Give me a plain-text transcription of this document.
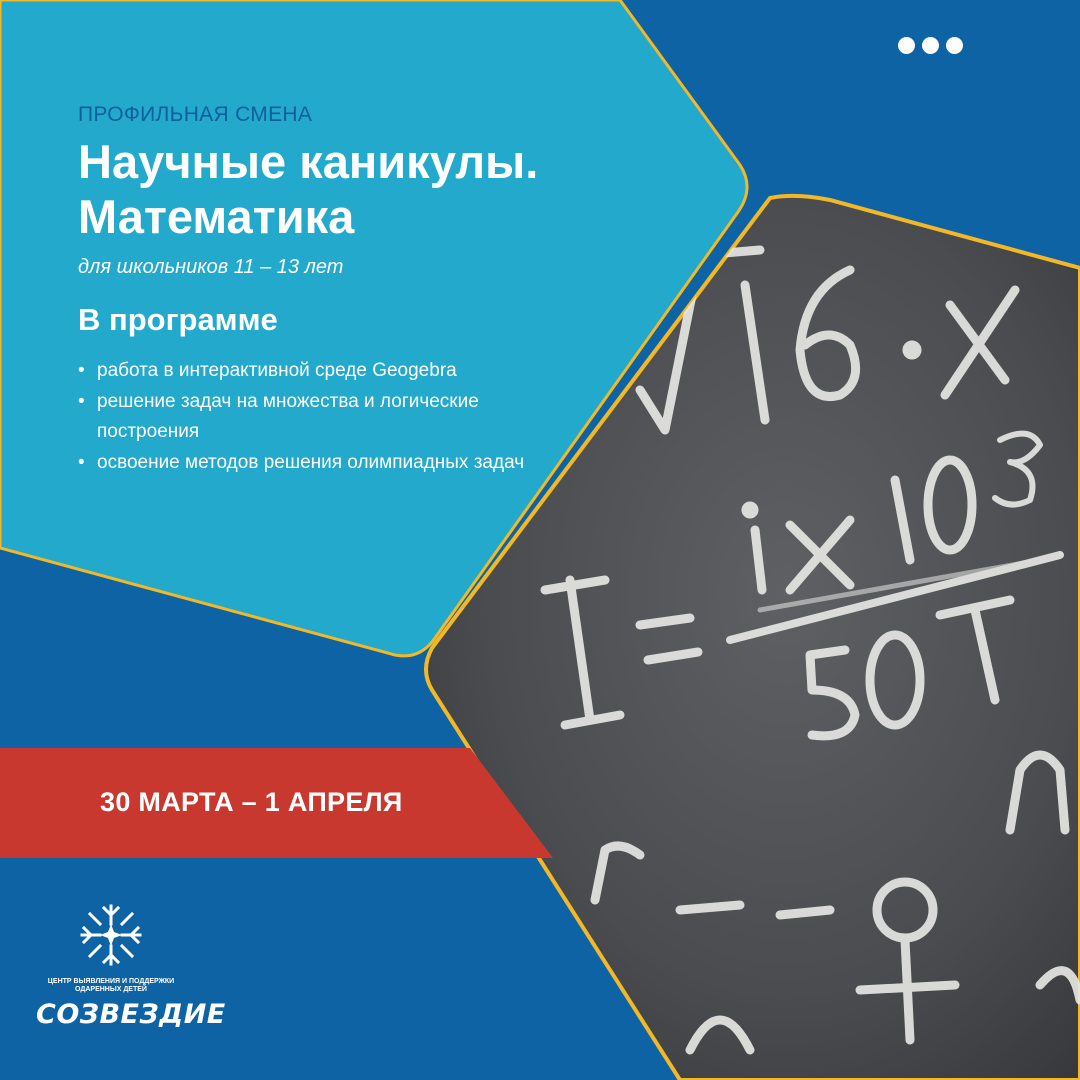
ПРОФИЛЬНАЯ СМЕНА
Научные каникулы.
Математика
для школьников 11 – 13 лет
В программе
• работа в интерактивной среде Geogebra
• решение задач на множества и логические построения
• освоение методов решения олимпиадных задач
30 МАРТА – 1 АПРЕЛЯ
ЦЕНТР ВЫЯВЛЕНИЯ И ПОДДЕРЖКИ
ОДАРЕННЫХ ДЕТЕЙ
СОЗВЕЗДИЕ
